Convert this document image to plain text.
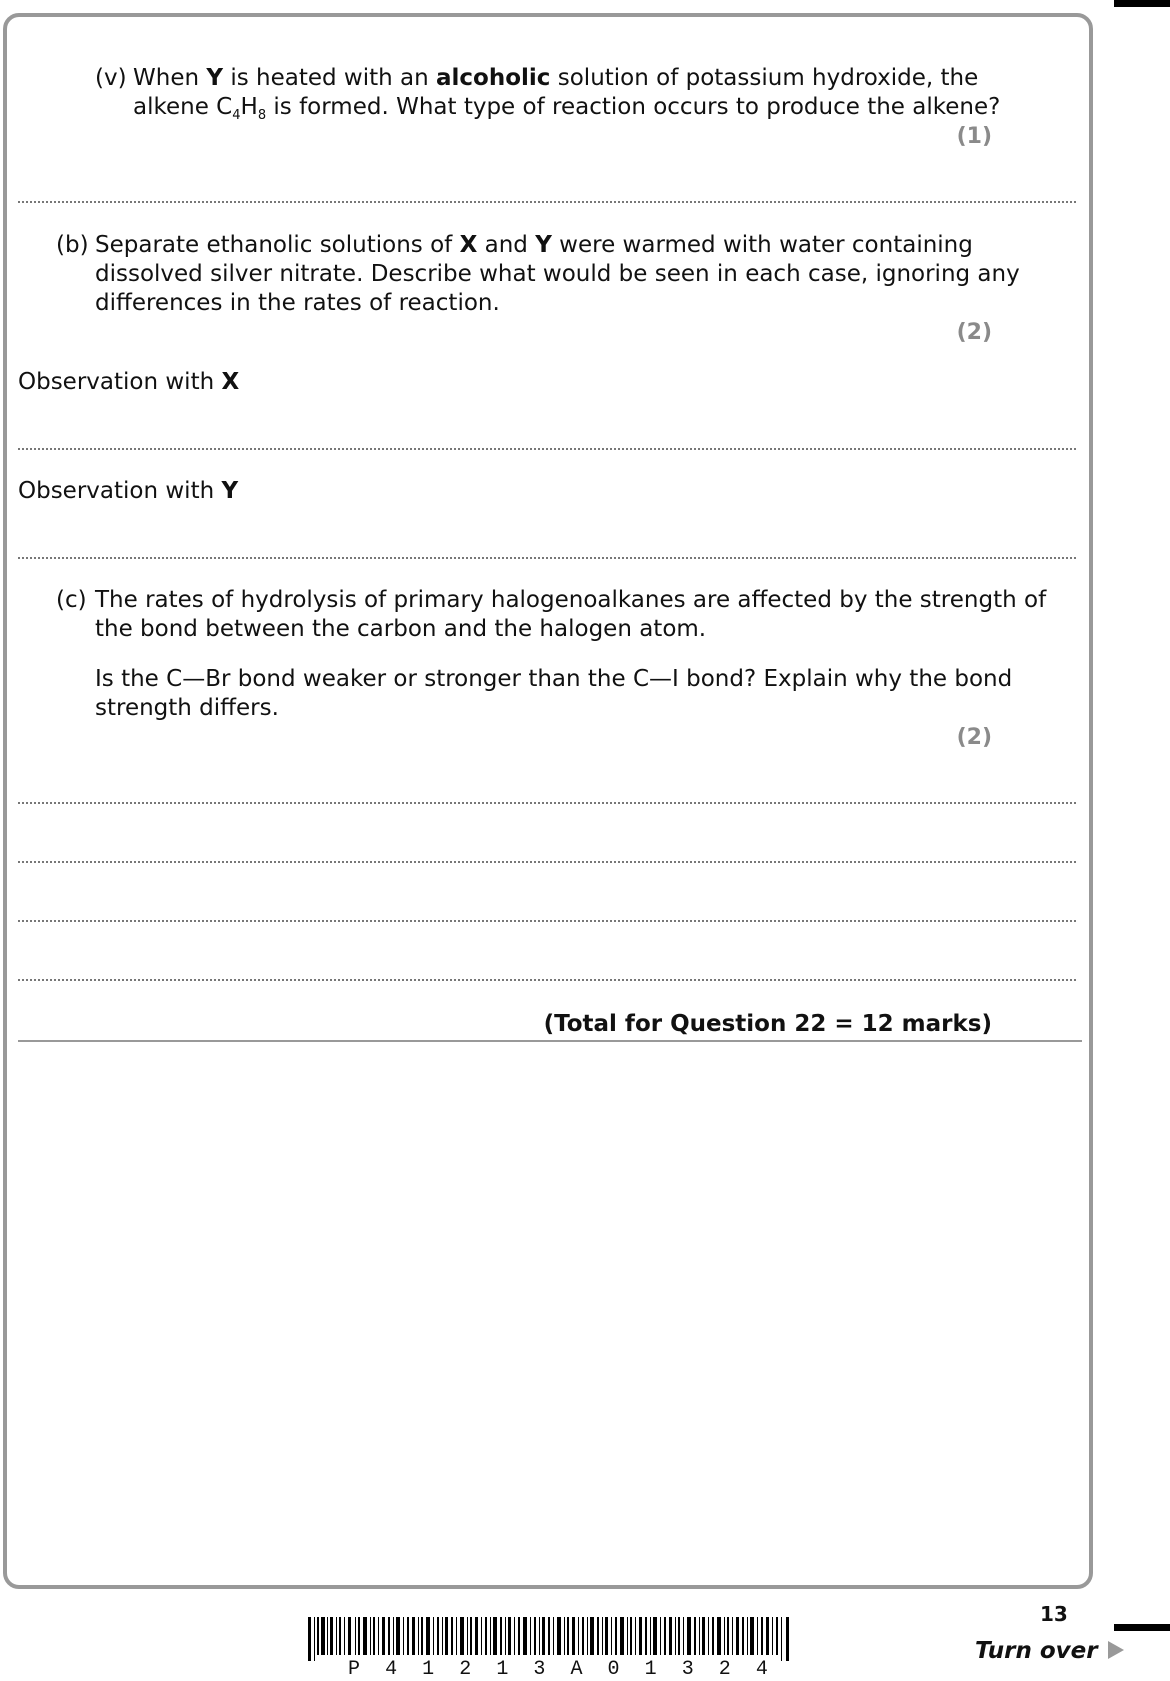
(v) When Y is heated with an alcoholic solution of potassium hydroxide, the
alkene $C_4H_8$ is formed. What type of reaction occurs to produce the alkene?
(1)
(b) Separate ethanolic solutions of X and Y were warmed with water containing
dissolved silver nitrate. Describe what would be seen in each case, ignoring any
differences in the rates of reaction.
(2)
Observation with X
Observation with Y
(c) The rates of hydrolysis of primary halogenoalkanes are affected by the strength of
the bond between the carbon and the halogen atom.
Is the C—Br bond weaker or stronger than the C—I bond? Explain why the bond
strength differs.
(2)
(Total for Question 22 = 12 marks)
13
P 4 1 2 1 3 A 0 1 3 2 4
Turn over
